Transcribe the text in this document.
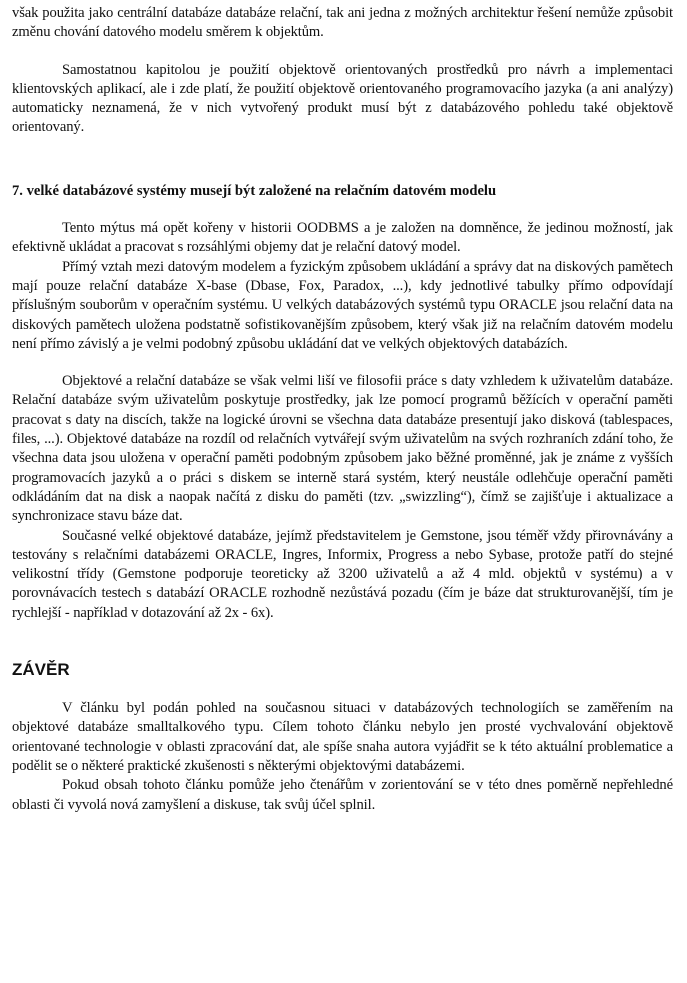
však použita jako centrální databáze databáze relační, tak ani jedna z možných architektur řešení nemůže způsobit změnu chování datového modelu směrem k objektům.

Samostatnou kapitolou je použití objektově orientovaných prostředků pro návrh a implementaci klientovských aplikací, ale i zde platí, že použití objektově orientovaného programovacího jazyka (a ani analýzy) automaticky neznamená, že v nich vytvořený produkt musí být z databázového pohledu také objektově orientovaný.

7. velké databázové systémy musejí být založené na relačním datovém modelu

Tento mýtus má opět kořeny v historii OODBMS a je založen na domněnce, že jedinou možností, jak efektivně ukládat a pracovat s rozsáhlými objemy dat je relační datový model.

Přímý vztah mezi datovým modelem a fyzickým způsobem ukládání a správy dat na diskových pamětech mají pouze relační databáze X-base (Dbase, Fox, Paradox, ...), kdy jednotlivé tabulky přímo odpovídají příslušným souborům v operačním systému. U velkých databázových systémů typu ORACLE jsou relační data na diskových pamětech uložena podstatně sofistikovanějším způsobem, který však již na relačním datovém modelu není přímo závislý a je velmi podobný způsobu ukládání dat ve velkých objektových databázích.

Objektové a relační databáze se však velmi liší ve filosofii práce s daty vzhledem k uživatelům databáze. Relační databáze svým uživatelům poskytuje prostředky, jak lze pomocí programů běžících v operační paměti pracovat s daty na discích, takže na logické úrovni se všechna data databáze presentují jako disková (tablespaces, files, ...). Objektové databáze na rozdíl od relačních vytvářejí svým uživatelům na svých rozhraních zdání toho, že všechna data jsou uložena v operační paměti podobným způsobem jako běžné proměnné, jak je známe z vyšších programovacích jazyků a o práci s diskem se interně stará systém, který neustále odlehčuje operační paměti odkládáním dat na disk a naopak načítá z disku do paměti (tzv. „swizzling“), čímž se zajišťuje i aktualizace a synchronizace stavu báze dat.

Současné velké objektové databáze, jejímž představitelem je Gemstone, jsou téměř vždy přirovnávány a testovány s relačními databázemi ORACLE, Ingres, Informix, Progress a nebo Sybase, protože patří do stejné velikostní třídy (Gemstone podporuje teoreticky až 3200 uživatelů a až 4 mld. objektů v systému) a v porovnávacích testech s databází ORACLE rozhodně nezůstává pozadu (čím je báze dat strukturovanější, tím je rychlejší - například v dotazování až 2x - 6x).

ZÁVĚR

V článku byl podán pohled na současnou situaci v databázových technologiích se zaměřením na objektové databáze smalltalkového typu. Cílem tohoto článku nebylo jen prosté vychvalování objektově orientované technologie v oblasti zpracování dat, ale spíše snaha autora vyjádřit se k této aktuální problematice a podělit se o některé praktické zkušenosti s některými objektovými databázemi.

Pokud obsah tohoto článku pomůže jeho čtenářům v zorientování se v této dnes poměrně nepřehledné oblasti či vyvolá nová zamyšlení a diskuse, tak svůj účel splnil.
